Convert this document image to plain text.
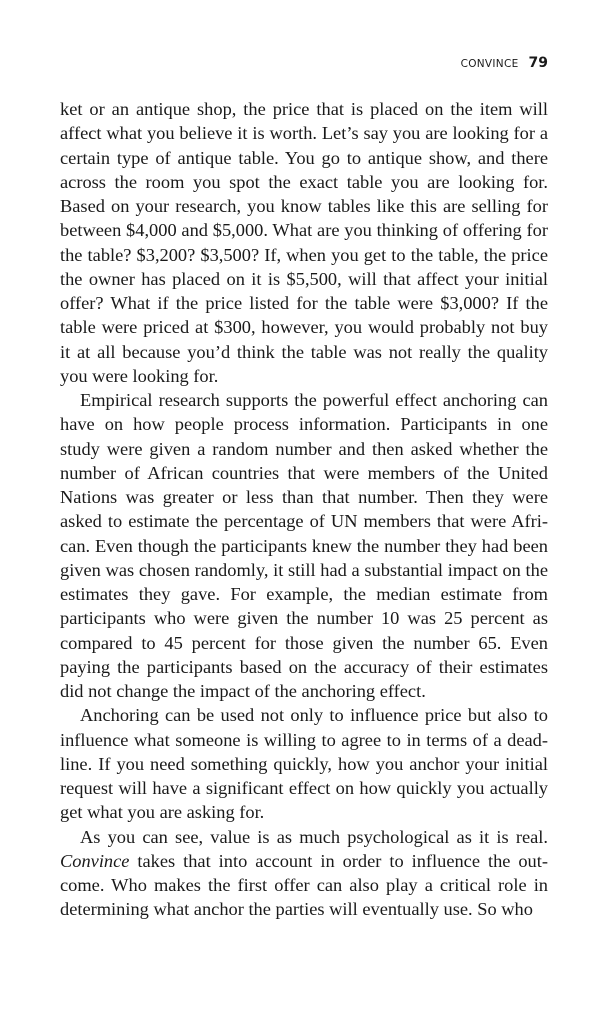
CONVINCE 79

ket or an antique shop, the price that is placed on the item will affect what you believe it is worth. Let’s say you are looking for a certain type of antique table. You go to antique show, and there across the room you spot the exact table you are looking for. Based on your research, you know tables like this are selling for between $4,000 and $5,000. What are you thinking of offering for the table? $3,200? $3,500? If, when you get to the table, the price the owner has placed on it is $5,500, will that affect your initial offer? What if the price listed for the table were $3,000? If the table were priced at $300, however, you would probably not buy it at all because you’d think the table was not really the quality you were looking for.

Empirical research supports the powerful effect anchoring can have on how people process information. Participants in one study were given a random number and then asked whether the number of African countries that were members of the United Nations was greater or less than that number. Then they were asked to estimate the percentage of UN members that were African. Even though the participants knew the number they had been given was chosen randomly, it still had a substantial impact on the estimates they gave. For example, the median estimate from participants who were given the number 10 was 25 percent as compared to 45 percent for those given the number 65. Even paying the participants based on the accuracy of their estimates did not change the impact of the anchoring effect.

Anchoring can be used not only to influence price but also to influence what someone is willing to agree to in terms of a deadline. If you need something quickly, how you anchor your initial request will have a significant effect on how quickly you actually get what you are asking for.

As you can see, value is as much psychological as it is real. Convince takes that into account in order to influence the outcome. Who makes the first offer can also play a critical role in determining what anchor the parties will eventually use. So who
